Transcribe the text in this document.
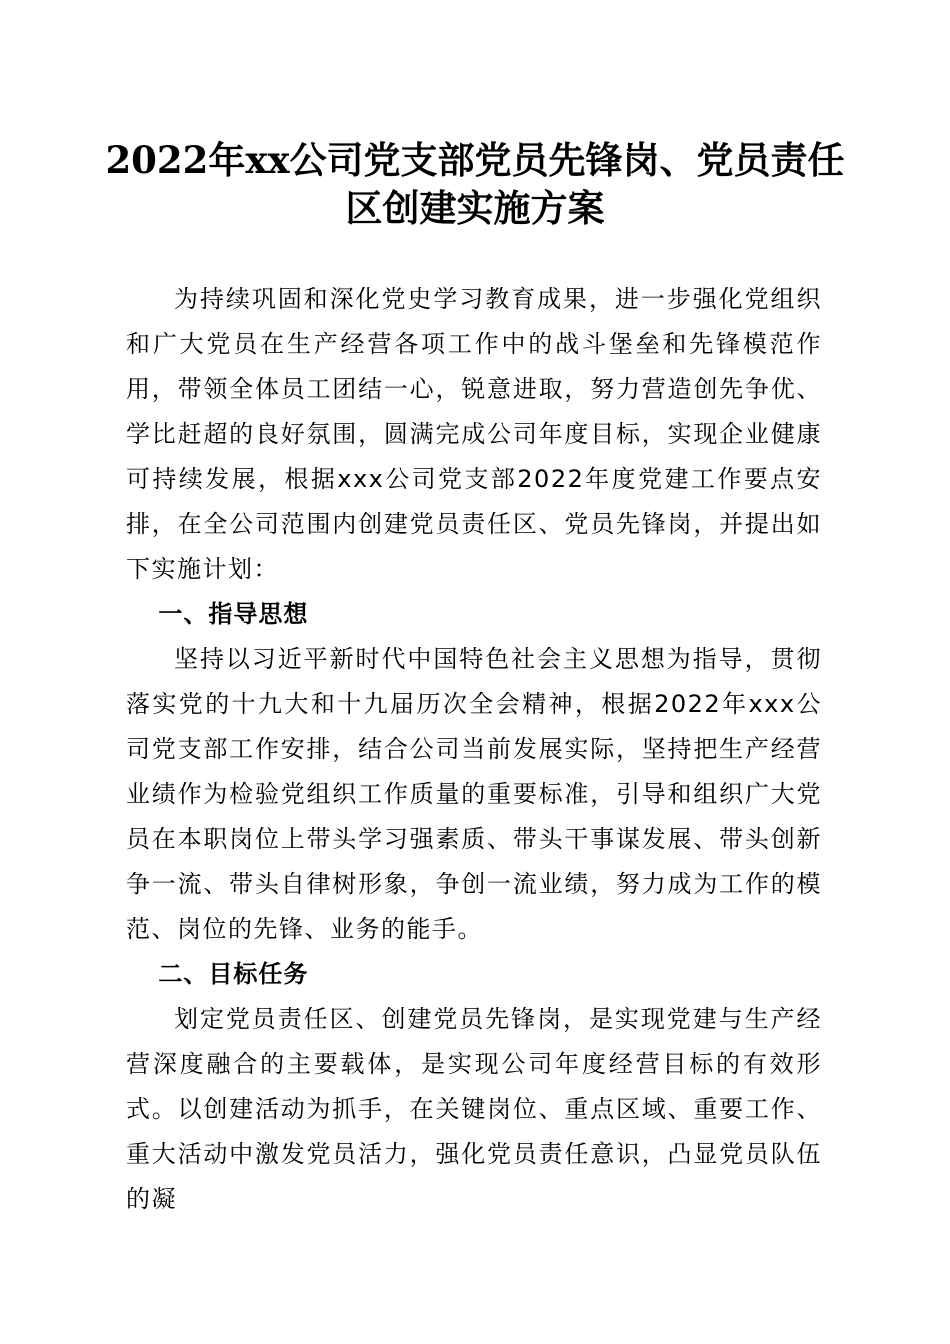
2022年xx公司党支部党员先锋岗、党员责任区创建实施方案

为持续巩固和深化党史学习教育成果，进一步强化党组织和广大党员在生产经营各项工作中的战斗堡垒和先锋模范作用，带领全体员工团结一心，锐意进取，努力营造创先争优、学比赶超的良好氛围，圆满完成公司年度目标，实现企业健康可持续发展，根据xxx公司党支部2022年度党建工作要点安排，在全公司范围内创建党员责任区、党员先锋岗，并提出如下实施计划：

一、指导思想

坚持以习近平新时代中国特色社会主义思想为指导，贯彻落实党的十九大和十九届历次全会精神，根据2022年xxx公司党支部工作安排，结合公司当前发展实际，坚持把生产经营业绩作为检验党组织工作质量的重要标准，引导和组织广大党员在本职岗位上带头学习强素质、带头干事谋发展、带头创新争一流、带头自律树形象，争创一流业绩，努力成为工作的模范、岗位的先锋、业务的能手。

二、目标任务

划定党员责任区、创建党员先锋岗，是实现党建与生产经营深度融合的主要载体，是实现公司年度经营目标的有效形式。以创建活动为抓手，在关键岗位、重点区域、重要工作、重大活动中激发党员活力，强化党员责任意识，凸显党员队伍的凝
